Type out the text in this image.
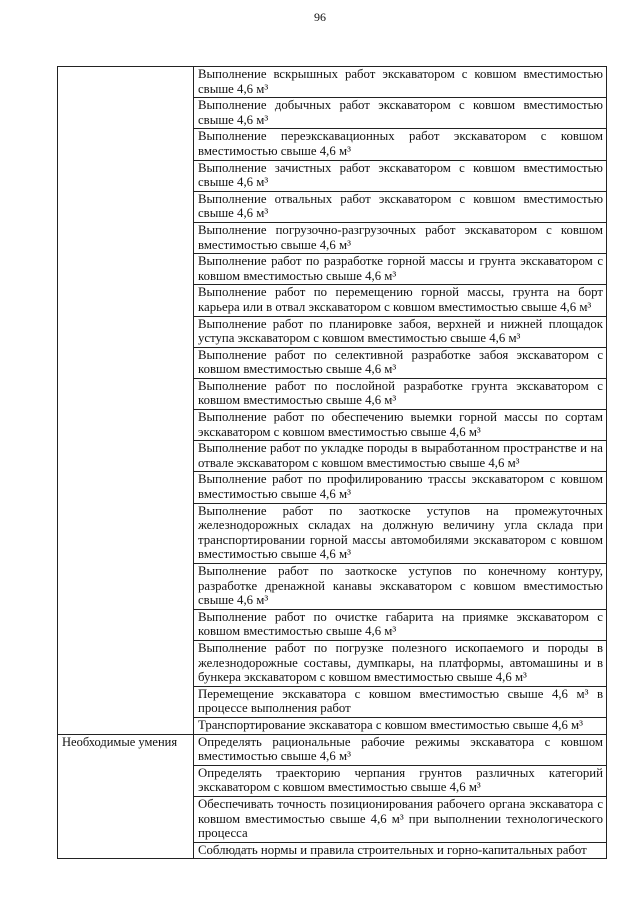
96
	Выполнение вскрышных работ экскаватором с ковшом вместимостью свыше 4,6 м³
	Выполнение добычных работ экскаватором с ковшом вместимостью свыше 4,6 м³
	Выполнение переэкскавационных работ экскаватором с ковшом вместимостью свыше 4,6 м³
	Выполнение зачистных работ экскаватором с ковшом вместимостью свыше 4,6 м³
	Выполнение отвальных работ экскаватором с ковшом вместимостью свыше 4,6 м³
	Выполнение погрузочно-разгрузочных работ экскаватором с ковшом вместимостью свыше 4,6 м³
	Выполнение работ по разработке горной массы и грунта экскаватором с ковшом вместимостью свыше 4,6 м³
	Выполнение работ по перемещению горной массы, грунта на борт карьера или в отвал экскаватором с ковшом вместимостью свыше 4,6 м³
	Выполнение работ по планировке забоя, верхней и нижней площадок уступа экскаватором с ковшом вместимостью свыше 4,6 м³
	Выполнение работ по селективной разработке забоя экскаватором с ковшом вместимостью свыше 4,6 м³
	Выполнение работ по послойной разработке грунта экскаватором с ковшом вместимостью свыше 4,6 м³
	Выполнение работ по обеспечению выемки горной массы по сортам экскаватором с ковшом вместимостью свыше 4,6 м³
	Выполнение работ по укладке породы в выработанном пространстве и на отвале экскаватором с ковшом вместимостью свыше 4,6 м³
	Выполнение работ по профилированию трассы экскаватором с ковшом вместимостью свыше 4,6 м³
	Выполнение работ по заоткоске уступов на промежуточных железнодорожных складах на должную величину угла склада при транспортировании горной массы автомобилями экскаватором с ковшом вместимостью свыше 4,6 м³
	Выполнение работ по заоткоске уступов по конечному контуру, разработке дренажной канавы экскаватором с ковшом вместимостью свыше 4,6 м³
	Выполнение работ по очистке габарита на приямке экскаватором с ковшом вместимостью свыше 4,6 м³
	Выполнение работ по погрузке полезного ископаемого и породы в железнодорожные составы, думпкары, на платформы, автомашины и в бункера экскаватором с ковшом вместимостью свыше 4,6 м³
	Перемещение экскаватора с ковшом вместимостью свыше 4,6 м³ в процессе выполнения работ
	Транспортирование экскаватора с ковшом вместимостью свыше 4,6 м³
Необходимые умения	Определять рациональные рабочие режимы экскаватора с ковшом вместимостью свыше 4,6 м³
	Определять траекторию черпания грунтов различных категорий экскаватором с ковшом вместимостью свыше 4,6 м³
	Обеспечивать точность позиционирования рабочего органа экскаватора с ковшом вместимостью свыше 4,6 м³ при выполнении технологического процесса
	Соблюдать нормы и правила строительных и горно-капитальных работ
